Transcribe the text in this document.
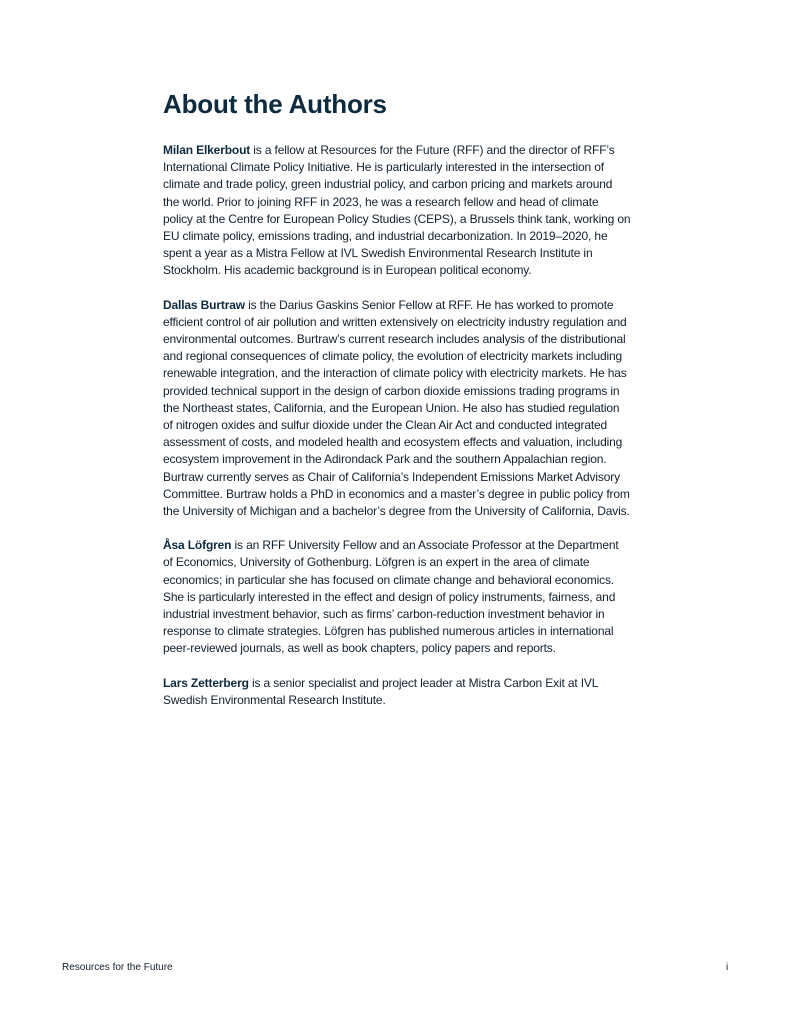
About the Authors

Milan Elkerbout is a fellow at Resources for the Future (RFF) and the director of RFF’s International Climate Policy Initiative. He is particularly interested in the intersection of climate and trade policy, green industrial policy, and carbon pricing and markets around the world. Prior to joining RFF in 2023, he was a research fellow and head of climate policy at the Centre for European Policy Studies (CEPS), a Brussels think tank, working on EU climate policy, emissions trading, and industrial decarbonization. In 2019–2020, he spent a year as a Mistra Fellow at IVL Swedish Environmental Research Institute in Stockholm. His academic background is in European political economy.

Dallas Burtraw is the Darius Gaskins Senior Fellow at RFF. He has worked to promote efficient control of air pollution and written extensively on electricity industry regulation and environmental outcomes. Burtraw’s current research includes analysis of the distributional and regional consequences of climate policy, the evolution of electricity markets including renewable integration, and the interaction of climate policy with electricity markets. He has provided technical support in the design of carbon dioxide emissions trading programs in the Northeast states, California, and the European Union. He also has studied regulation of nitrogen oxides and sulfur dioxide under the Clean Air Act and conducted integrated assessment of costs, and modeled health and ecosystem effects and valuation, including ecosystem improvement in the Adirondack Park and the southern Appalachian region. Burtraw currently serves as Chair of California’s Independent Emissions Market Advisory Committee. Burtraw holds a PhD in economics and a master’s degree in public policy from the University of Michigan and a bachelor’s degree from the University of California, Davis.

Åsa Löfgren is an RFF University Fellow and an Associate Professor at the Department of Economics, University of Gothenburg. Löfgren is an expert in the area of climate economics; in particular she has focused on climate change and behavioral economics. She is particularly interested in the effect and design of policy instruments, fairness, and industrial investment behavior, such as firms’ carbon-reduction investment behavior in response to climate strategies. Löfgren has published numerous articles in international peer-reviewed journals, as well as book chapters, policy papers and reports.

Lars Zetterberg is a senior specialist and project leader at Mistra Carbon Exit at IVL Swedish Environmental Research Institute.

Resources for the Future	i
